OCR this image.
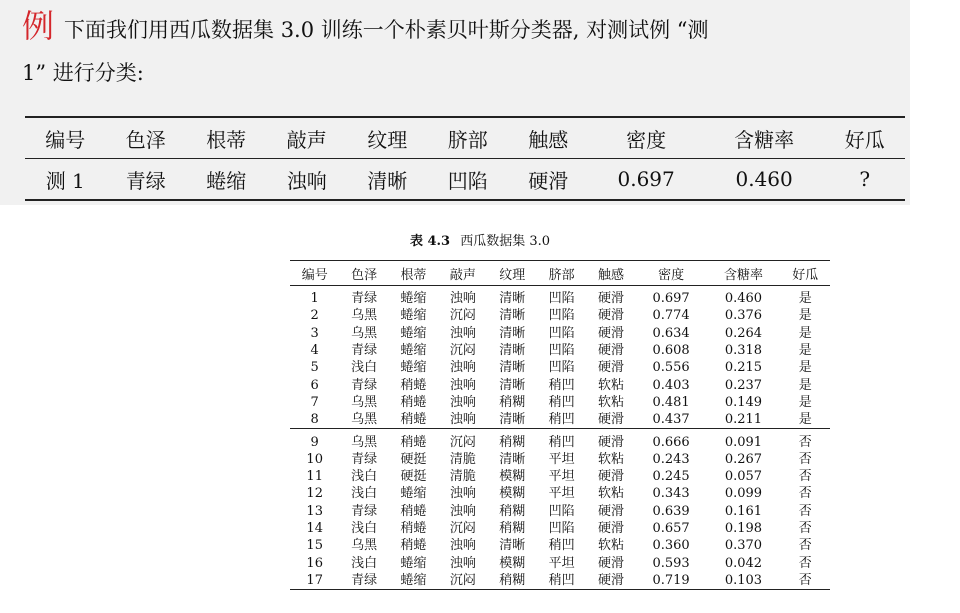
例 下面我们用西瓜数据集 3.0 训练一个朴素贝叶斯分类器, 对测试例 “测
1” 进行分类:
编号	色泽	根蒂	敲声	纹理	脐部	触感	密度	含糖率	好瓜
测 1	青绿	蜷缩	浊响	清晰	凹陷	硬滑	0.697	0.460	?
表 4.3 西瓜数据集 3.0
编号	色泽	根蒂	敲声	纹理	脐部	触感	密度	含糖率	好瓜
1	青绿	蜷缩	浊响	清晰	凹陷	硬滑	0.697	0.460	是
2	乌黑	蜷缩	沉闷	清晰	凹陷	硬滑	0.774	0.376	是
3	乌黑	蜷缩	浊响	清晰	凹陷	硬滑	0.634	0.264	是
4	青绿	蜷缩	沉闷	清晰	凹陷	硬滑	0.608	0.318	是
5	浅白	蜷缩	浊响	清晰	凹陷	硬滑	0.556	0.215	是
6	青绿	稍蜷	浊响	清晰	稍凹	软粘	0.403	0.237	是
7	乌黑	稍蜷	浊响	稍糊	稍凹	软粘	0.481	0.149	是
8	乌黑	稍蜷	浊响	清晰	稍凹	硬滑	0.437	0.211	是
9	乌黑	稍蜷	沉闷	稍糊	稍凹	硬滑	0.666	0.091	否
10	青绿	硬挺	清脆	清晰	平坦	软粘	0.243	0.267	否
11	浅白	硬挺	清脆	模糊	平坦	硬滑	0.245	0.057	否
12	浅白	蜷缩	浊响	模糊	平坦	软粘	0.343	0.099	否
13	青绿	稍蜷	浊响	稍糊	凹陷	硬滑	0.639	0.161	否
14	浅白	稍蜷	沉闷	稍糊	凹陷	硬滑	0.657	0.198	否
15	乌黑	稍蜷	浊响	清晰	稍凹	软粘	0.360	0.370	否
16	浅白	蜷缩	浊响	模糊	平坦	硬滑	0.593	0.042	否
17	青绿	蜷缩	沉闷	稍糊	稍凹	硬滑	0.719	0.103	否
